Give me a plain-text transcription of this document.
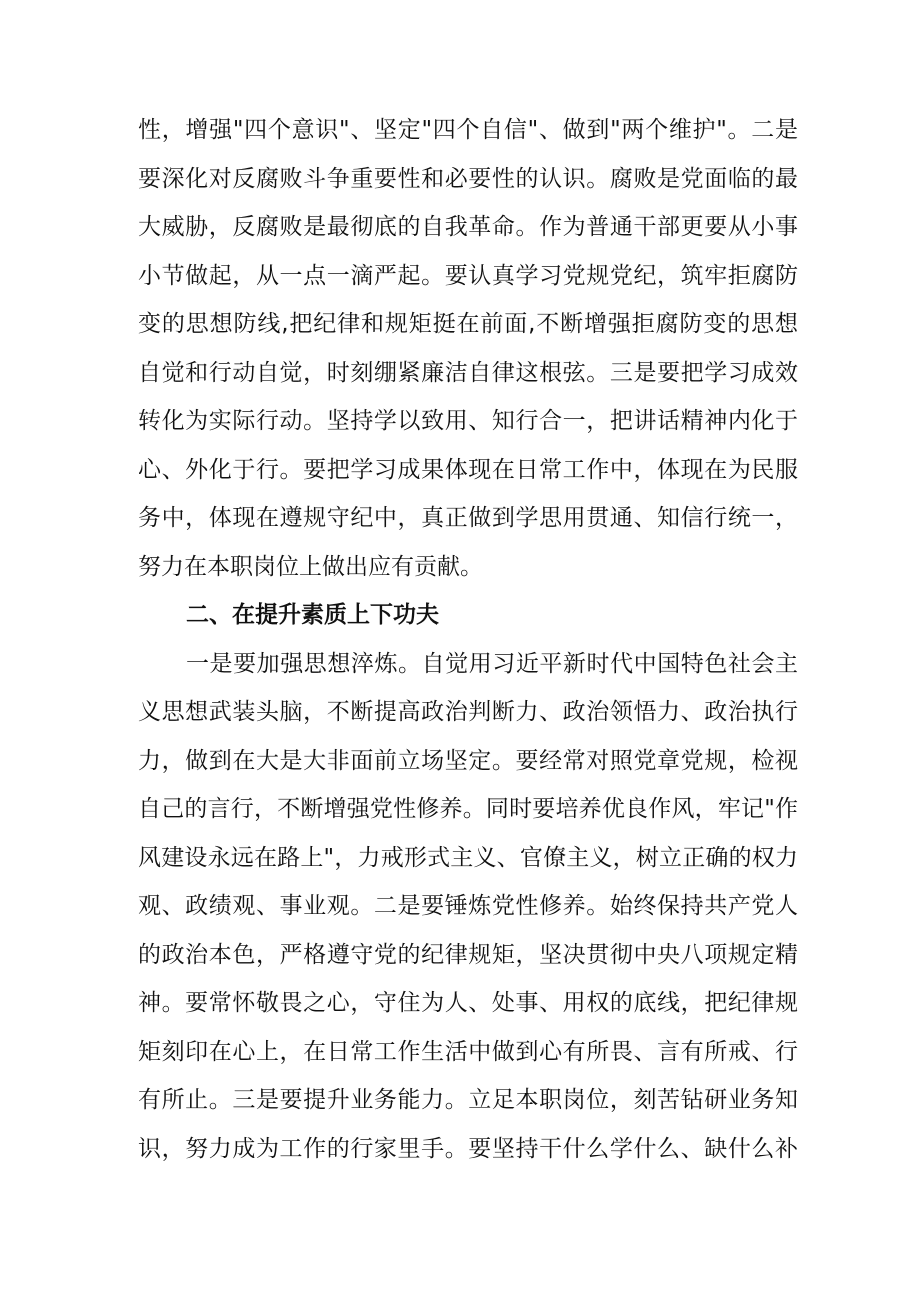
性，增强"四个意识"、坚定"四个自信"、做到"两个维护"。二是
要深化对反腐败斗争重要性和必要性的认识。腐败是党面临的最
大威胁，反腐败是最彻底的自我革命。作为普通干部更要从小事
小节做起，从一点一滴严起。要认真学习党规党纪，筑牢拒腐防
变的思想防线,把纪律和规矩挺在前面,不断增强拒腐防变的思想
自觉和行动自觉，时刻绷紧廉洁自律这根弦。三是要把学习成效
转化为实际行动。坚持学以致用、知行合一，把讲话精神内化于
心、外化于行。要把学习成果体现在日常工作中，体现在为民服
务中，体现在遵规守纪中，真正做到学思用贯通、知信行统一，
努力在本职岗位上做出应有贡献。
二、在提升素质上下功夫
一是要加强思想淬炼。自觉用习近平新时代中国特色社会主
义思想武装头脑，不断提高政治判断力、政治领悟力、政治执行
力，做到在大是大非面前立场坚定。要经常对照党章党规，检视
自己的言行，不断增强党性修养。同时要培养优良作风，牢记"作
风建设永远在路上"，力戒形式主义、官僚主义，树立正确的权力
观、政绩观、事业观。二是要锤炼党性修养。始终保持共产党人
的政治本色，严格遵守党的纪律规矩，坚决贯彻中央八项规定精
神。要常怀敬畏之心，守住为人、处事、用权的底线，把纪律规
矩刻印在心上，在日常工作生活中做到心有所畏、言有所戒、行
有所止。三是要提升业务能力。立足本职岗位，刻苦钻研业务知
识，努力成为工作的行家里手。要坚持干什么学什么、缺什么补
